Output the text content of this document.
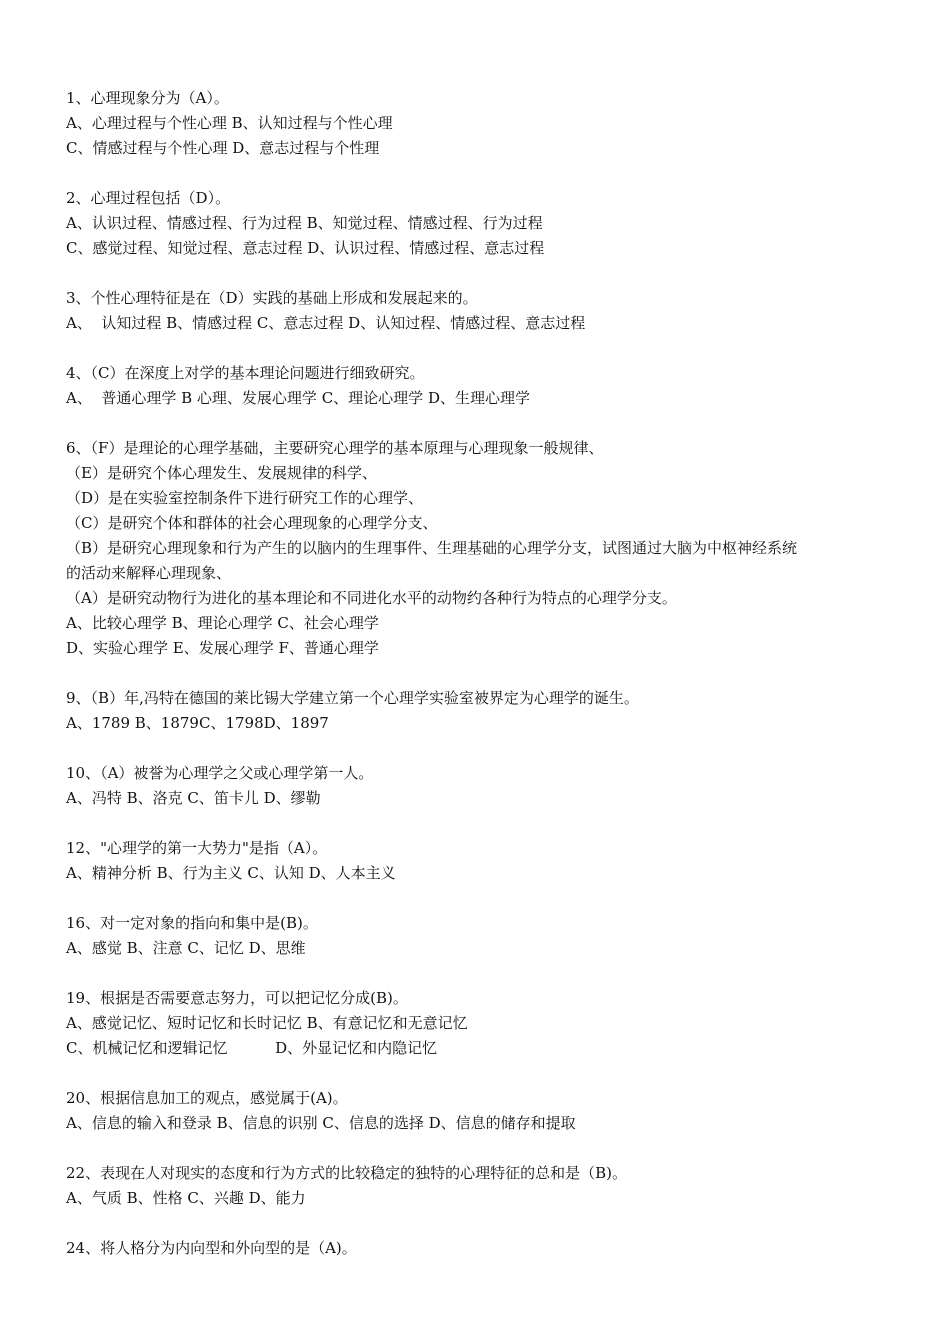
1、心理现象分为（A）。

A、心理过程与个性心理 B、认知过程与个性心理

C、情感过程与个性心理 D、意志过程与个性理

2、心理过程包括（D）。

A、认识过程、情感过程、行为过程 B、知觉过程、情感过程、行为过程

C、感觉过程、知觉过程、意志过程 D、认识过程、情感过程、意志过程

3、个性心理特征是在（D）实践的基础上形成和发展起来的。

A、  认知过程 B、情感过程 C、意志过程 D、认知过程、情感过程、意志过程

4、（C）在深度上对学的基本理论问题进行细致研究。

A、  普通心理学 B 心理、发展心理学 C、理论心理学 D、生理心理学

6、（F）是理论的心理学基础，主要研究心理学的基本原理与心理现象一般规律、

（E）是研究个体心理发生、发展规律的科学、

（D）是在实验室控制条件下进行研究工作的心理学、

（C）是研究个体和群体的社会心理现象的心理学分支、

（B）是研究心理现象和行为产生的以脑内的生理事件、生理基础的心理学分支，试图通过大脑为中枢神经系统

的活动来解释心理现象、

（A）是研究动物行为进化的基本理论和不同进化水平的动物约各种行为特点的心理学分支。

A、比较心理学 B、理论心理学 C、社会心理学

D、实验心理学 E、发展心理学 F、普通心理学

9、（B）年,冯特在德国的莱比锡大学建立第一个心理学实验室被界定为心理学的诞生。

A、1789 B、1879C、1798D、1897

10、（A）被誉为心理学之父或心理学第一人。

A、冯特 B、洛克 C、笛卡儿 D、缪勒

12、"心理学的第一大势力"是指（A）。

A、精神分析 B、行为主义 C、认知 D、人本主义

16、对一定对象的指向和集中是(B)。

A、感觉 B、注意 C、记忆 D、思维

19、根据是否需要意志努力，可以把记忆分成(B)。

A、感觉记忆、短时记忆和长时记忆 B、有意记忆和无意记忆

C、机械记忆和逻辑记忆          D、外显记忆和内隐记忆

20、根据信息加工的观点，感觉属于(A)。

A、信息的输入和登录 B、信息的识别 C、信息的选择 D、信息的储存和提取

22、表现在人对现实的态度和行为方式的比较稳定的独特的心理特征的总和是（B)。

A、气质 B、性格 C、兴趣 D、能力

24、将人格分为内向型和外向型的是（A)。
